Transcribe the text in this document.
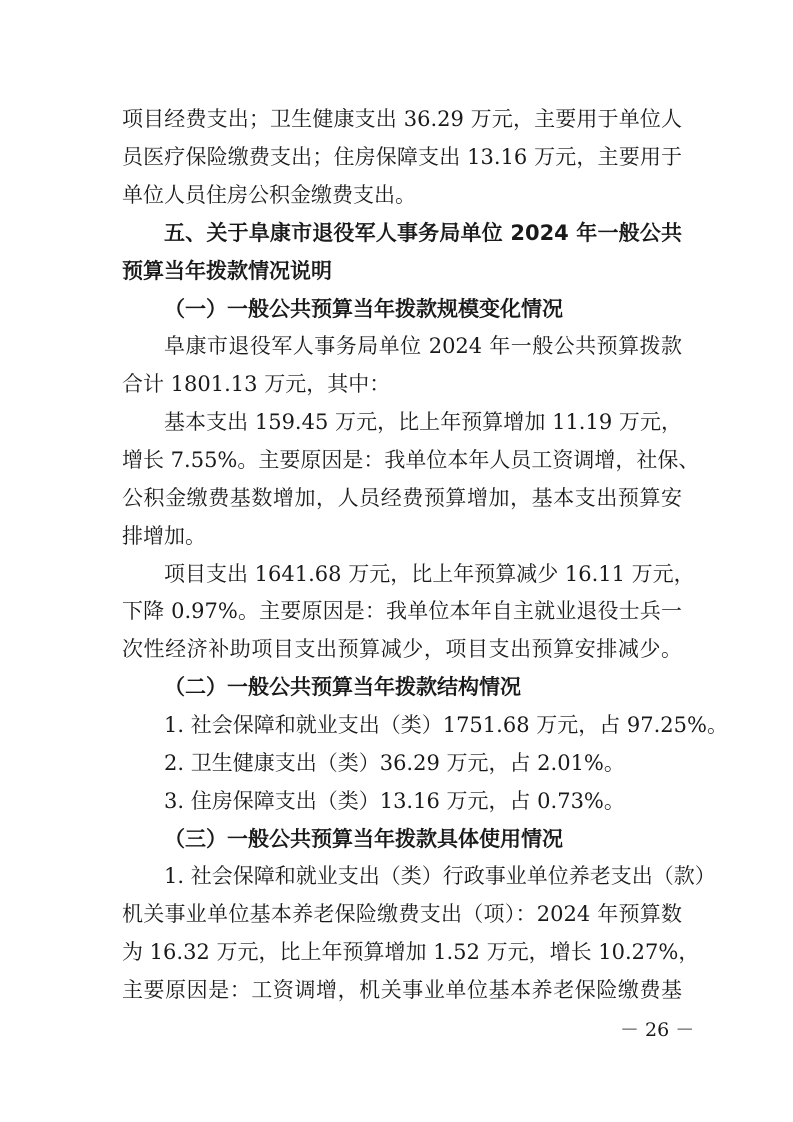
项目经费支出；卫生健康支出 36.29 万元，主要用于单位人
员医疗保险缴费支出；住房保障支出 13.16 万元，主要用于
单位人员住房公积金缴费支出。
五、关于阜康市退役军人事务局单位 2024 年一般公共
预算当年拨款情况说明
（一）一般公共预算当年拨款规模变化情况
阜康市退役军人事务局单位 2024 年一般公共预算拨款
合计 1801.13 万元，其中：
基本支出 159.45 万元，比上年预算增加 11.19 万元，
增长 7.55%。主要原因是：我单位本年人员工资调增，社保、
公积金缴费基数增加，人员经费预算增加，基本支出预算安
排增加。
项目支出 1641.68 万元，比上年预算减少 16.11 万元，
下降 0.97%。主要原因是：我单位本年自主就业退役士兵一
次性经济补助项目支出预算减少，项目支出预算安排减少。
（二）一般公共预算当年拨款结构情况
1. 社会保障和就业支出（类）1751.68 万元，占 97.25%。
2. 卫生健康支出（类）36.29 万元，占 2.01%。
3. 住房保障支出（类）13.16 万元，占 0.73%。
（三）一般公共预算当年拨款具体使用情况
1. 社会保障和就业支出（类）行政事业单位养老支出（款）
机关事业单位基本养老保险缴费支出（项）：2024 年预算数
为 16.32 万元，比上年预算增加 1.52 万元，增长 10.27%，
主要原因是：工资调增，机关事业单位基本养老保险缴费基
－ 26 －
